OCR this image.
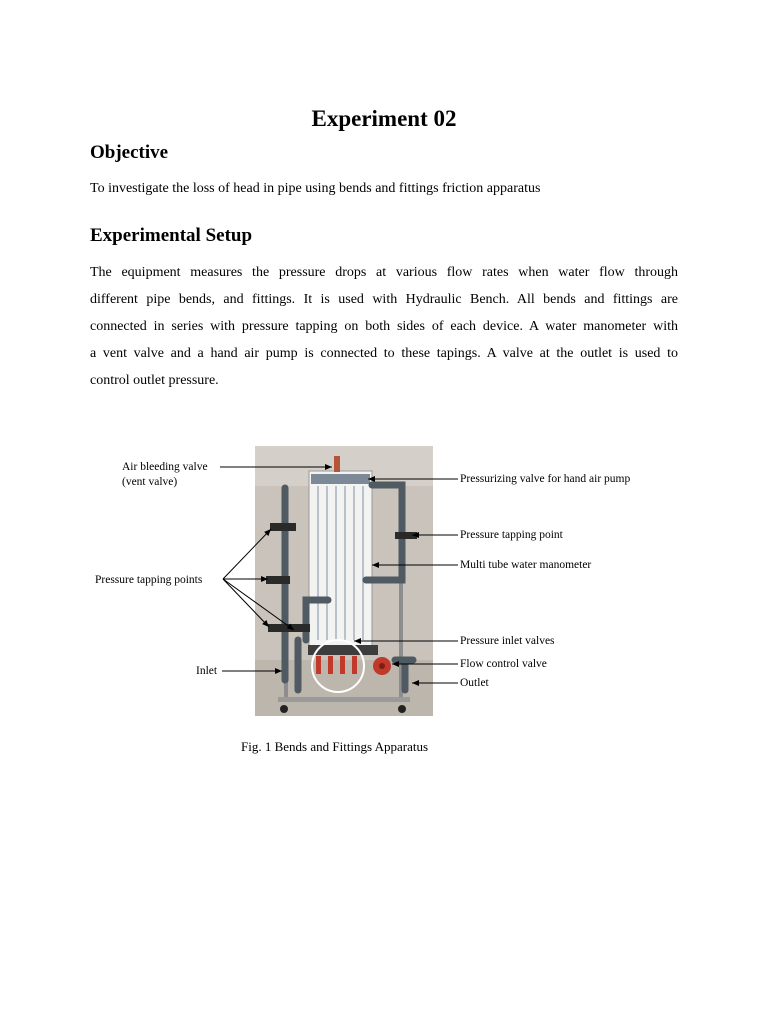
Experiment 02
Objective
To investigate the loss of head in pipe using bends and fittings friction apparatus
Experimental Setup
The equipment measures the pressure drops at various flow rates when water flow through
different pipe bends, and fittings. It is used with Hydraulic Bench. All bends and fittings are
connected in series with pressure tapping on both sides of each device. A water manometer with
a vent valve and a hand air pump is connected to these tapings. A valve at the outlet is used to
control outlet pressure.
Air bleeding valve
(vent valve)
Pressure tapping points
Inlet
Pressurizing valve for hand air pump
Pressure tapping point
Multi tube water manometer
Pressure inlet valves
Flow control valve
Outlet
Fig. 1 Bends and Fittings Apparatus
